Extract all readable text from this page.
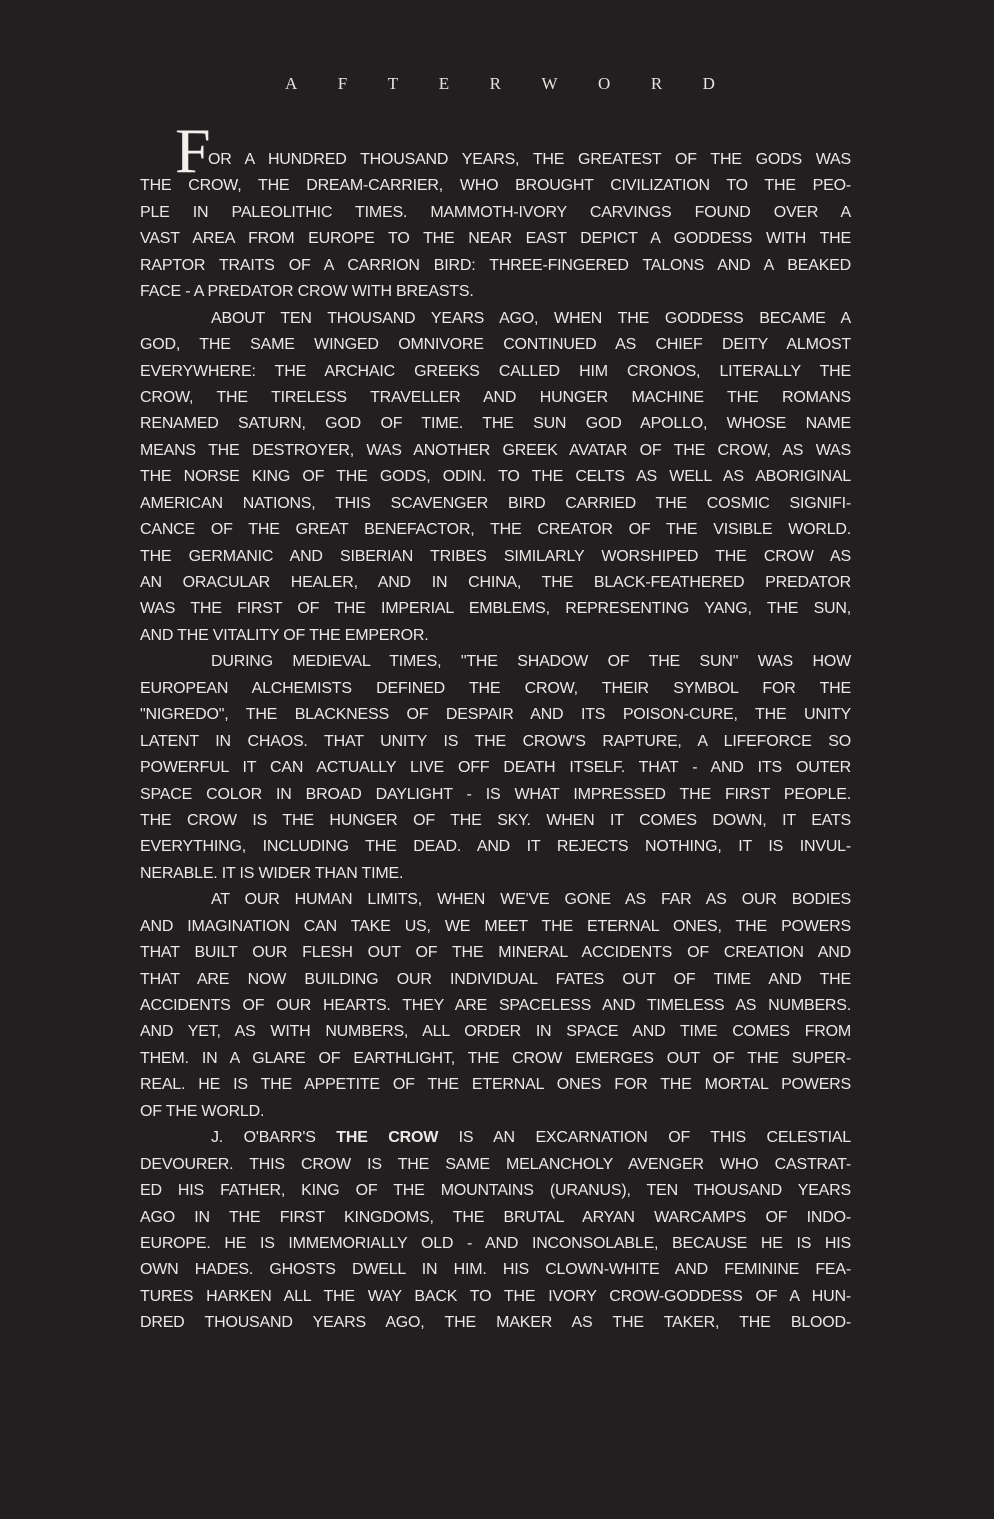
A F T E R W O R D
F
OR A HUNDRED THOUSAND YEARS, THE GREATEST OF THE GODS WAS
THE CROW, THE DREAM-CARRIER, WHO BROUGHT CIVILIZATION TO THE PEO-
PLE IN PALEOLITHIC TIMES. MAMMOTH-IVORY CARVINGS FOUND OVER A
VAST AREA FROM EUROPE TO THE NEAR EAST DEPICT A GODDESS WITH THE
RAPTOR TRAITS OF A CARRION BIRD: THREE-FINGERED TALONS AND A BEAKED
FACE - A PREDATOR CROW WITH BREASTS.
ABOUT TEN THOUSAND YEARS AGO, WHEN THE GODDESS BECAME A
GOD, THE SAME WINGED OMNIVORE CONTINUED AS CHIEF DEITY ALMOST
EVERYWHERE: THE ARCHAIC GREEKS CALLED HIM CRONOS, LITERALLY THE
CROW, THE TIRELESS TRAVELLER AND HUNGER MACHINE THE ROMANS
RENAMED SATURN, GOD OF TIME. THE SUN GOD APOLLO, WHOSE NAME
MEANS THE DESTROYER, WAS ANOTHER GREEK AVATAR OF THE CROW, AS WAS
THE NORSE KING OF THE GODS, ODIN. TO THE CELTS AS WELL AS ABORIGINAL
AMERICAN NATIONS, THIS SCAVENGER BIRD CARRIED THE COSMIC SIGNIFI-
CANCE OF THE GREAT BENEFACTOR, THE CREATOR OF THE VISIBLE WORLD.
THE GERMANIC AND SIBERIAN TRIBES SIMILARLY WORSHIPED THE CROW AS
AN ORACULAR HEALER, AND IN CHINA, THE BLACK-FEATHERED PREDATOR
WAS THE FIRST OF THE IMPERIAL EMBLEMS, REPRESENTING YANG, THE SUN,
AND THE VITALITY OF THE EMPEROR.
DURING MEDIEVAL TIMES, "THE SHADOW OF THE SUN" WAS HOW
EUROPEAN ALCHEMISTS DEFINED THE CROW, THEIR SYMBOL FOR THE
"NIGREDO", THE BLACKNESS OF DESPAIR AND ITS POISON-CURE, THE UNITY
LATENT IN CHAOS. THAT UNITY IS THE CROW'S RAPTURE, A LIFEFORCE SO
POWERFUL IT CAN ACTUALLY LIVE OFF DEATH ITSELF. THAT - AND ITS OUTER
SPACE COLOR IN BROAD DAYLIGHT - IS WHAT IMPRESSED THE FIRST PEOPLE.
THE CROW IS THE HUNGER OF THE SKY. WHEN IT COMES DOWN, IT EATS
EVERYTHING, INCLUDING THE DEAD. AND IT REJECTS NOTHING, IT IS INVUL-
NERABLE. IT IS WIDER THAN TIME.
AT OUR HUMAN LIMITS, WHEN WE'VE GONE AS FAR AS OUR BODIES
AND IMAGINATION CAN TAKE US, WE MEET THE ETERNAL ONES, THE POWERS
THAT BUILT OUR FLESH OUT OF THE MINERAL ACCIDENTS OF CREATION AND
THAT ARE NOW BUILDING OUR INDIVIDUAL FATES OUT OF TIME AND THE
ACCIDENTS OF OUR HEARTS. THEY ARE SPACELESS AND TIMELESS AS NUMBERS.
AND YET, AS WITH NUMBERS, ALL ORDER IN SPACE AND TIME COMES FROM
THEM. IN A GLARE OF EARTHLIGHT, THE CROW EMERGES OUT OF THE SUPER-
REAL. HE IS THE APPETITE OF THE ETERNAL ONES FOR THE MORTAL POWERS
OF THE WORLD.
J. O'BARR'S THE CROW IS AN EXCARNATION OF THIS CELESTIAL
DEVOURER. THIS CROW IS THE SAME MELANCHOLY AVENGER WHO CASTRAT-
ED HIS FATHER, KING OF THE MOUNTAINS (URANUS), TEN THOUSAND YEARS
AGO IN THE FIRST KINGDOMS, THE BRUTAL ARYAN WARCAMPS OF INDO-
EUROPE. HE IS IMMEMORIALLY OLD - AND INCONSOLABLE, BECAUSE HE IS HIS
OWN HADES. GHOSTS DWELL IN HIM. HIS CLOWN-WHITE AND FEMININE FEA-
TURES HARKEN ALL THE WAY BACK TO THE IVORY CROW-GODDESS OF A HUN-
DRED THOUSAND YEARS AGO, THE MAKER AS THE TAKER, THE BLOOD-
